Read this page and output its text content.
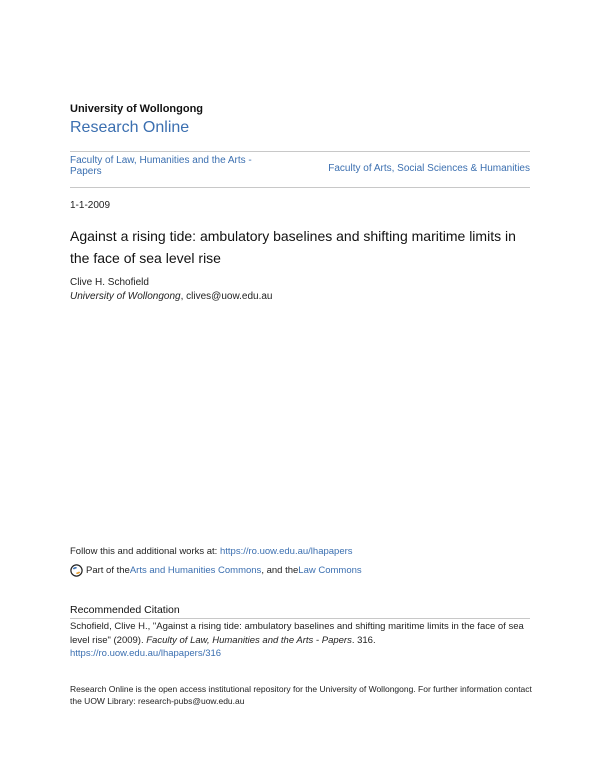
University of Wollongong
Research Online
Faculty of Law, Humanities and the Arts - Papers	Faculty of Arts, Social Sciences & Humanities
1-1-2009
Against a rising tide: ambulatory baselines and shifting maritime limits in the face of sea level rise
Clive H. Schofield
University of Wollongong, clives@uow.edu.au
Follow this and additional works at: https://ro.uow.edu.au/lhapapers
Part of the Arts and Humanities Commons , and the Law Commons
Recommended Citation
Schofield, Clive H., "Against a rising tide: ambulatory baselines and shifting maritime limits in the face of sea level rise" (2009). Faculty of Law, Humanities and the Arts - Papers. 316.
https://ro.uow.edu.au/lhapapers/316
Research Online is the open access institutional repository for the University of Wollongong. For further information contact the UOW Library: research-pubs@uow.edu.au
